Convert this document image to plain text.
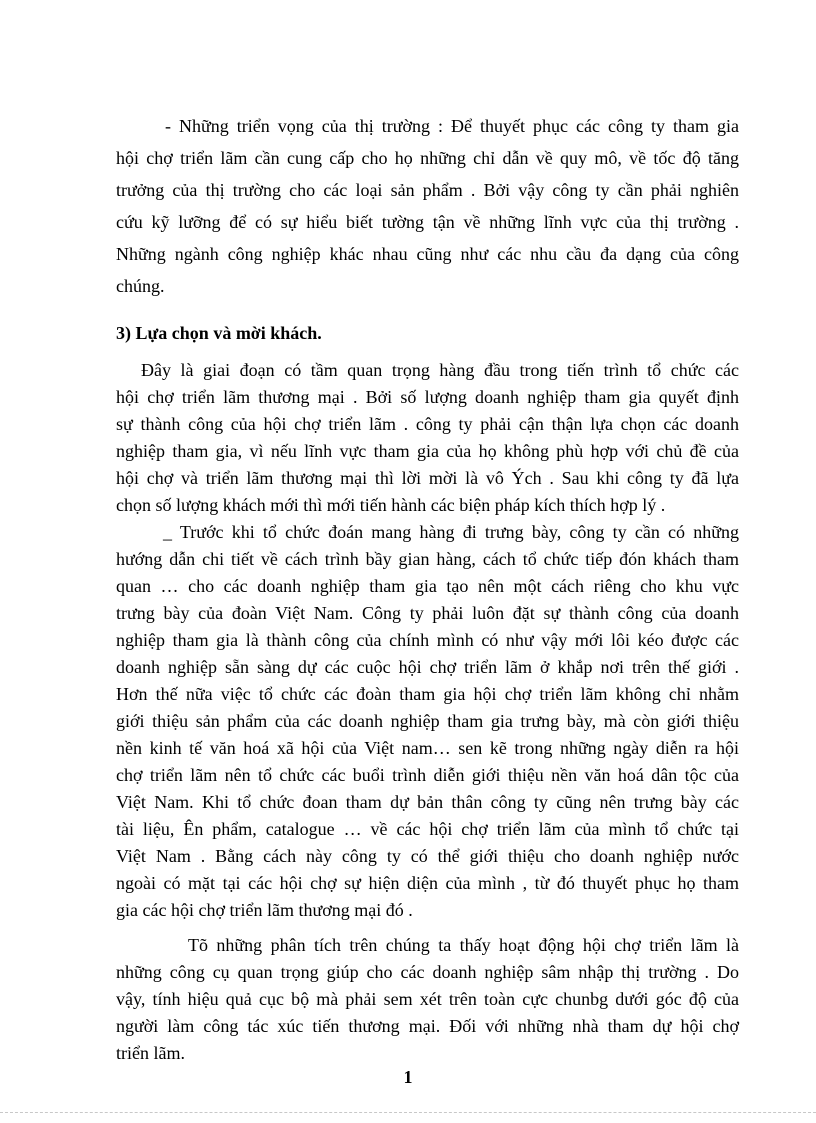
- Những triển vọng của thị trường : Để thuyết phục các công ty tham gia
hội chợ triển lãm cần cung cấp cho họ những chỉ dẫn về quy mô, về tốc độ tăng
trưởng của thị trường cho các loại sản phẩm . Bởi vậy công ty cần phải nghiên
cứu kỹ lưỡng để có sự hiểu biết tường tận về những lĩnh vực của thị trường .
Những ngành công nghiệp khác nhau cũng như các nhu cầu đa dạng của công
chúng.
3) Lựa chọn và mời khách.
Đây là giai đoạn có tầm quan trọng hàng đầu trong tiến trình tổ chức các
hội chợ triển lãm thương mại . Bởi số lượng doanh nghiệp tham gia quyết định
sự thành công của hội chợ triển lãm . công ty phải cận thận lựa chọn các doanh
nghiệp tham gia, vì nếu lĩnh vực tham gia của họ không phù hợp với chủ đề của
hội chợ và triển lãm thương mại thì lời mời là vô Ých . Sau khi công ty đã lựa
chọn số lượng khách mới thì mới tiến hành các biện pháp kích thích hợp lý .
_ Trước khi tổ chức đoán mang hàng đi trưng bày, công ty cần có những
hướng dẫn chi tiết về cách trình bầy gian hàng, cách tổ chức tiếp đón khách tham
quan … cho các doanh nghiệp tham gia tạo nên một cách riêng cho khu vực
trưng bày của đoàn Việt Nam. Công ty phải luôn đặt sự thành công của doanh
nghiệp tham gia là thành công của chính mình có như vậy mới lôi kéo được các
doanh nghiệp sẵn sàng dự các cuộc hội chợ triển lãm ở khắp nơi trên thế giới .
Hơn thế nữa việc tổ chức các đoàn tham gia hội chợ triển lãm không chỉ nhằm
giới thiệu sản phẩm của các doanh nghiệp tham gia trưng bày, mà còn giới thiệu
nền kinh tế văn hoá xã hội của Việt nam… sen kẽ trong những ngày diễn ra hội
chợ triển lãm nên tổ chức các buổi trình diễn giới thiệu nền văn hoá dân tộc của
Việt Nam. Khi tổ chức đoan tham dự bản thân công ty cũng nên trưng bày các
tài liệu, Ên phẩm, catalogue … về các hội chợ triển lãm của mình tổ chức tại
Việt Nam . Bằng cách này công ty có thể giới thiệu cho doanh nghiệp nước
ngoài có mặt tại các hội chợ sự hiện diện của mình , từ đó thuyết phục họ tham
gia các hội chợ triển lãm thương mại đó .
Tõ những phân tích trên chúng ta thấy hoạt động hội chợ triển lãm là
những công cụ quan trọng giúp cho các doanh nghiệp sâm nhập thị trường . Do
vậy, tính hiệu quả cục bộ mà phải sem xét trên toàn cực chunbg dưới góc độ của
người làm công tác xúc tiến thương mại. Đối với những nhà tham dự hội chợ
triển lãm.
1
